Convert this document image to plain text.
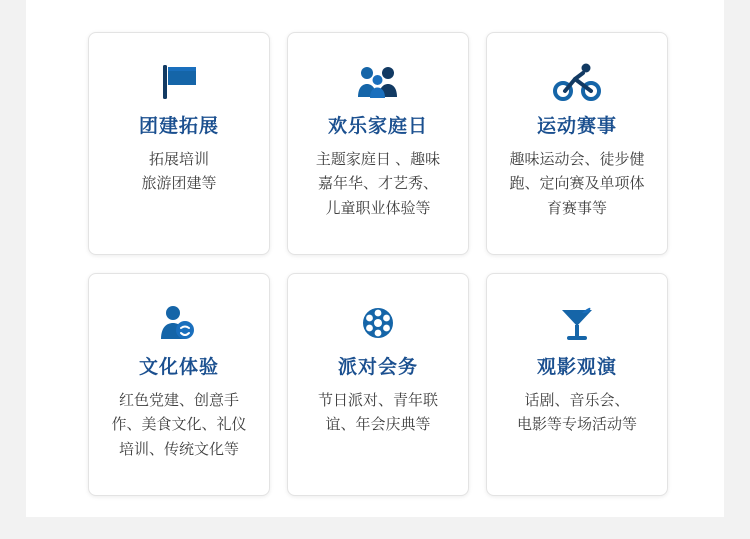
团建拓展
拓展培训
旅游团建等
欢乐家庭日
主题家庭日 、趣味
嘉年华、才艺秀、
儿童职业体验等
运动赛事
趣味运动会、徒步健
跑、定向赛及单项体
育赛事等
文化体验
红色党建、创意手
作、美食文化、礼仪
培训、传统文化等
派对会务
节日派对、青年联
谊、年会庆典等
观影观演
话剧、音乐会、
电影等专场活动等
